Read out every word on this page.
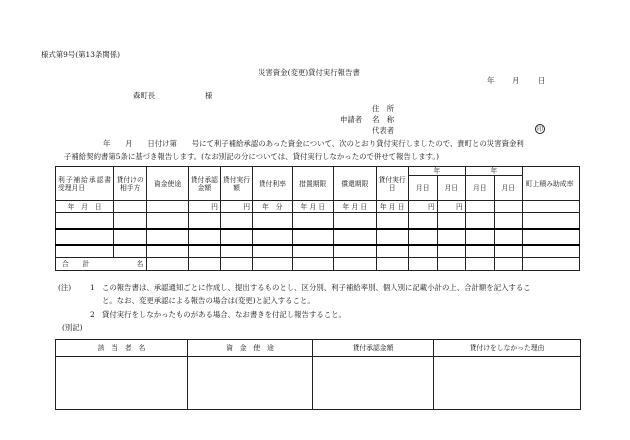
様式第9号(第13条関係)
災害資金(変更)貸付実行報告書
年 月	日
森町長	様
住　所
申請者 名　称
代表者	印
年　　月　　日付け第　　号にて利子補給承認のあった資金について、次のとおり貸付実行しましたので、貴町との災害資金利
子補給契約書第5条に基づき報告します。(なお別記の分については、貸付実行しなかったので併せて報告します。)
利子補給承認書受理月日	貸付けの相手方	資金使途	貸付承認金額	貸付実行額	貸付利率	措置期限	償還期限	貸付実行日	年		年		町上積み助成率
									月日	月日	月日	月日	
年　月　日			円	円	年　分	年 月 日	年 月 日	年 月 日	円	円			

合　　計 名													

(注)	1 この報告書は、承認通知ごとに作成し、提出するものとし、区分別、利子補給率別、個人別に記載小計の上、合計額を記入するこ
と。なお、変更承認による報告の場合は(変更)と記入すること。
2 貸付実行をしなかったものがある場合、なお書きを付記し報告すること。
(別記)
該　当　者　名	資　金　使　途	貸付承認金額	貸付けをしなかった理由
